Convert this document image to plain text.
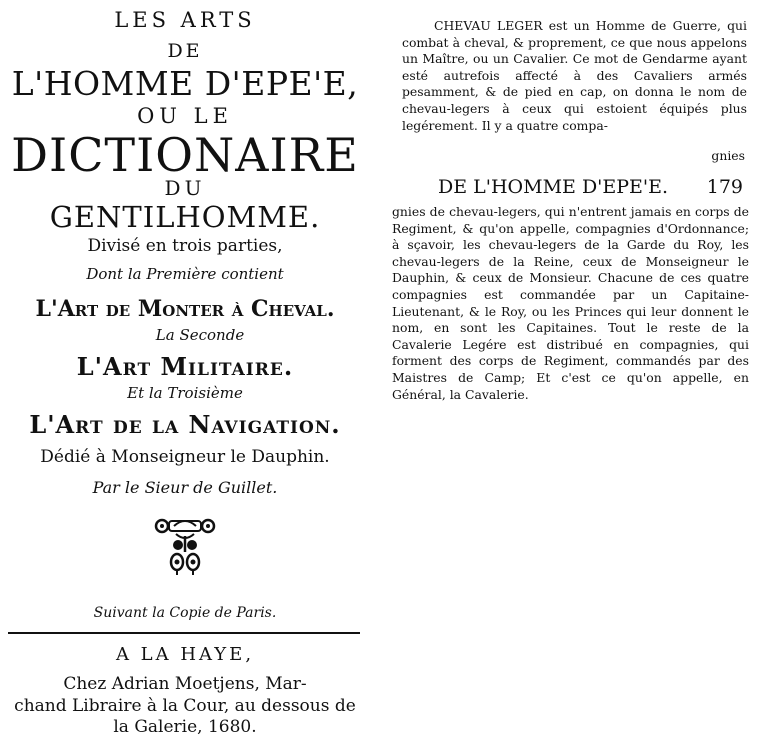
LES ARTS

DE

L'HOMME D'EPE'E,

OU LE

DICTIONAIRE

DU

GENTILHOMME.

Divisé en trois parties,

Dont la Première contient

L'Art de Monter à Cheval.

La Seconde

L'Art Militaire.

Et la Troisième

L'Art de la Navigation.

Dédié à Monseigneur le Dauphin.

Par le Sieur de Guillet.

Suivant la Copie de Paris.

A LA HAYE,

Chez Adrian Moetjens, Mar-

chand Libraire à la Cour, au dessous de

la Galerie, 1680.

CHEVAU LEGER est un Homme de Guerre, qui combat à cheval, & proprement, ce que nous appelons un Maître, ou un Cavalier. Ce mot de Gendarme ayant esté autrefois affecté à des Cavaliers armés pesamment, & de pied en cap, on donna le nom de chevau-legers à ceux qui estoient équipés plus legérement. Il y a quatre compa-

gnies
DE L'HOMME D'EPE'E. 179

gnies de chevau-legers, qui n'entrent jamais en corps de Regiment, & qu'on appelle, compagnies d'Ordonnance; à sçavoir, les chevau-legers de la Garde du Roy, les chevau-legers de la Reine, ceux de Monseigneur le Dauphin, & ceux de Monsieur. Chacune de ces quatre compagnies est commandée par un Capitaine-Lieutenant, & le Roy, ou les Princes qui leur donnent le nom, en sont les Capitaines. Tout le reste de la Cavalerie Legére est distribué en compagnies, qui forment des corps de Regiment, commandés par des Maistres de Camp; Et c'est ce qu'on appelle, en Général, la Cavalerie.
